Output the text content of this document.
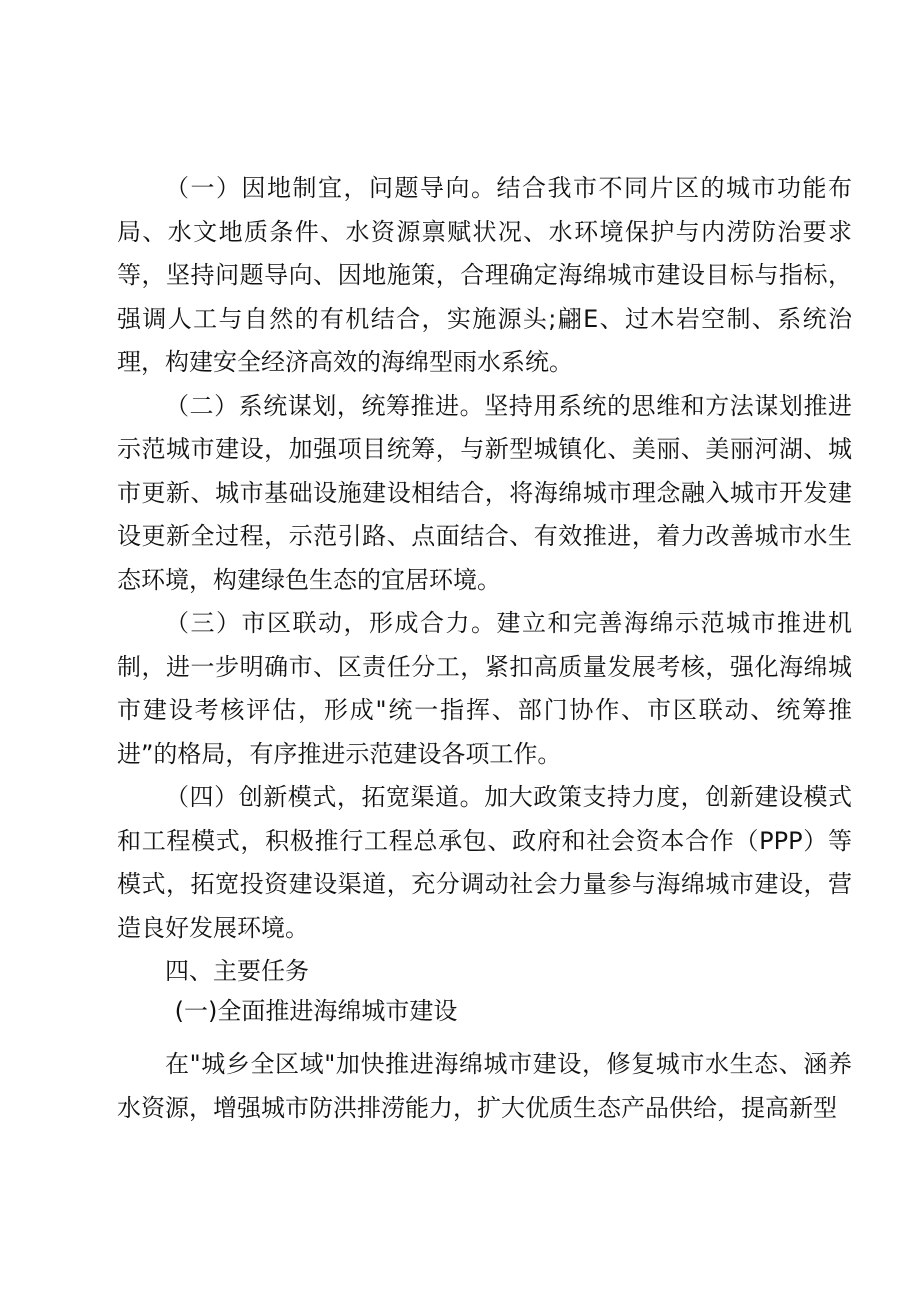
（一）因地制宜，问题导向。结合我市不同片区的城市功能布局、水文地质条件、水资源禀赋状况、水环境保护与内涝防治要求等，坚持问题导向、因地施策，合理确定海绵城市建设目标与指标，强调人工与自然的有机结合，实施源头;翩E、过木岩空制、系统治理，构建安全经济高效的海绵型雨水系统。

（二）系统谋划，统筹推进。坚持用系统的思维和方法谋划推进示范城市建设，加强项目统筹，与新型城镇化、美丽、美丽河湖、城市更新、城市基础设施建设相结合，将海绵城市理念融入城市开发建设更新全过程，示范引路、点面结合、有效推进，着力改善城市水生态环境，构建绿色生态的宜居环境。

（三）市区联动，形成合力。建立和完善海绵示范城市推进机制，进一步明确市、区责任分工，紧扣高质量发展考核，强化海绵城市建设考核评估，形成"统一指挥、部门协作、市区联动、统筹推进”的格局，有序推进示范建设各项工作。

（四）创新模式，拓宽渠道。加大政策支持力度，创新建设模式和工程模式，积极推行工程总承包、政府和社会资本合作（PPP）等模式，拓宽投资建设渠道，充分调动社会力量参与海绵城市建设，营造良好发展环境。

四、主要任务

(一)全面推进海绵城市建设

在"城乡全区域"加快推进海绵城市建设，修复城市水生态、涵养水资源，增强城市防洪排涝能力，扩大优质生态产品供给，提高新型
